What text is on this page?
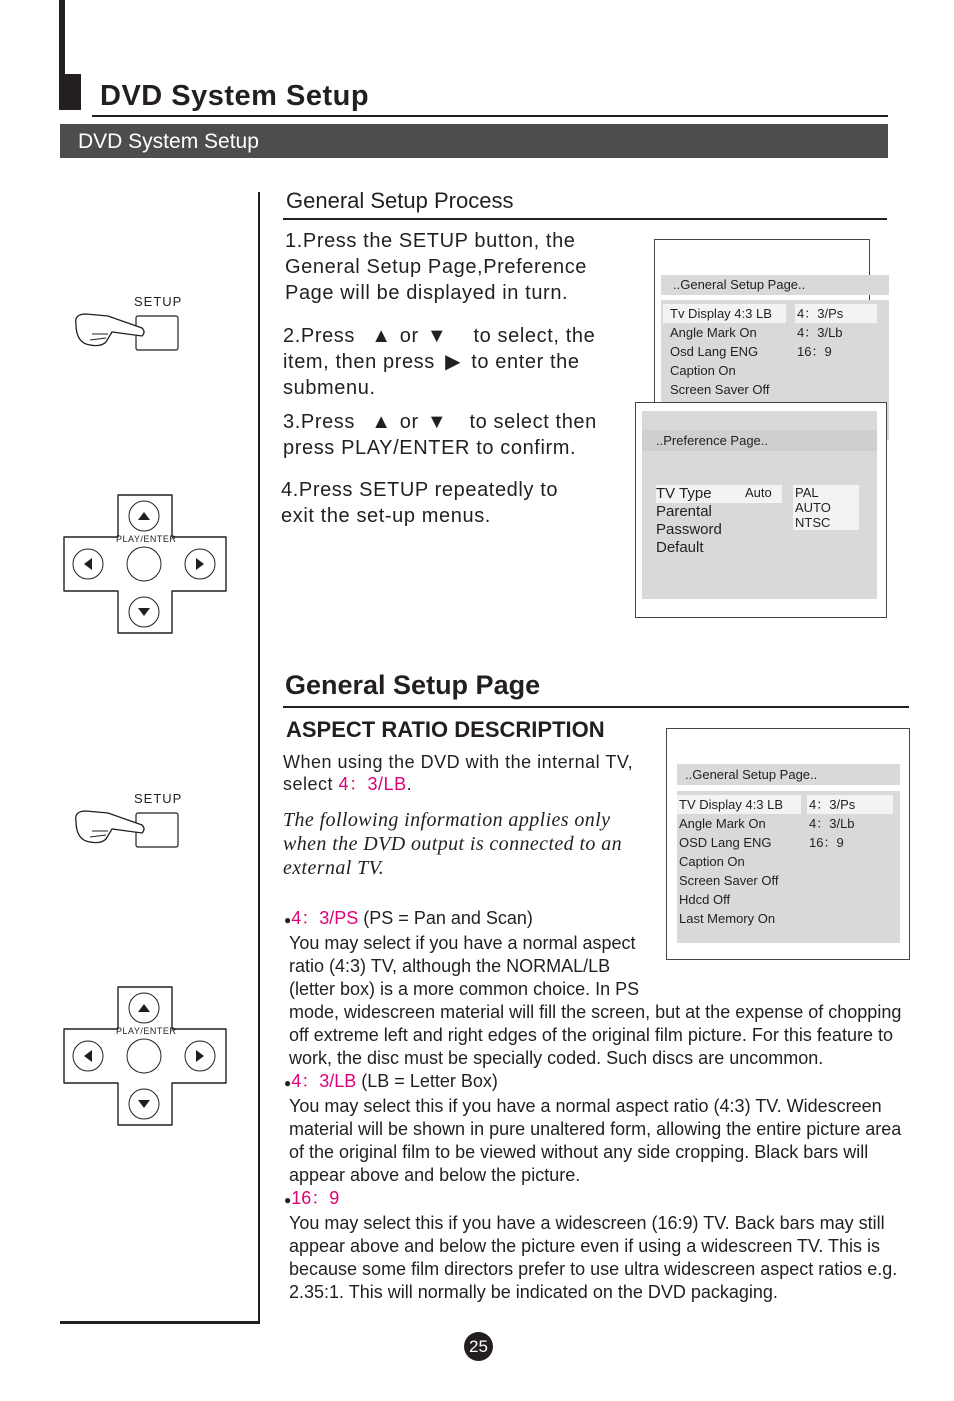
DVD System Setup
DVD System Setup
SETUP
PLAY/ENTER
SETUP
PLAY/ENTER
General Setup Process
1.Press the SETUP button, the
General Setup Page,Preference
Page will be displayed in turn.
2.Press ▲ or ▼ to select, the
item, then press ▶ to enter the
submenu.
3.Press ▲ or ▼ to select then
press PLAY/ENTER to confirm.
4.Press SETUP repeatedly to
exit the set-up menus.
..General Setup Page..
Tv Display 4:3 LB
Angle Mark On
Osd Lang ENG
Caption On
Screen Saver Off
4：3/Ps
4：3/Lb
16：9
..Preference Page..
TV Type
Parental
Password
Default
Auto PAL
AUTO
NTSC
General Setup Page
ASPECT RATIO DESCRIPTION
When using the DVD with the internal TV,
select 4：3/LB.
The following information applies only
when the DVD output is connected to an
external TV.
..General Setup Page..
TV Display 4:3 LB
Angle Mark On
OSD Lang ENG
Caption On
Screen Saver Off
Hdcd Off
Last Memory On
4：3/Ps
4：3/Lb
16：9
●4：3/PS (PS = Pan and Scan)
You may select if you have a normal aspect
ratio (4:3) TV, although the NORMAL/LB
(letter box) is a more common choice. In PS
mode, widescreen material will fill the screen, but at the expense of chopping
off extreme left and right edges of the original film picture. For this feature to
work, the disc must be specially coded. Such discs are uncommon.
●4：3/LB (LB = Letter Box)
You may select this if you have a normal aspect ratio (4:3) TV. Widescreen
material will be shown in pure unaltered form, allowing the entire picture area
of the original film to be viewed without any side cropping. Black bars will
appear above and below the picture.
●16：9
You may select this if you have a widescreen (16:9) TV. Back bars may still
appear above and below the picture even if using a widescreen TV. This is
because some film directors prefer to use ultra widescreen aspect ratios e.g.
2.35:1. This will normally be indicated on the DVD packaging.
25
